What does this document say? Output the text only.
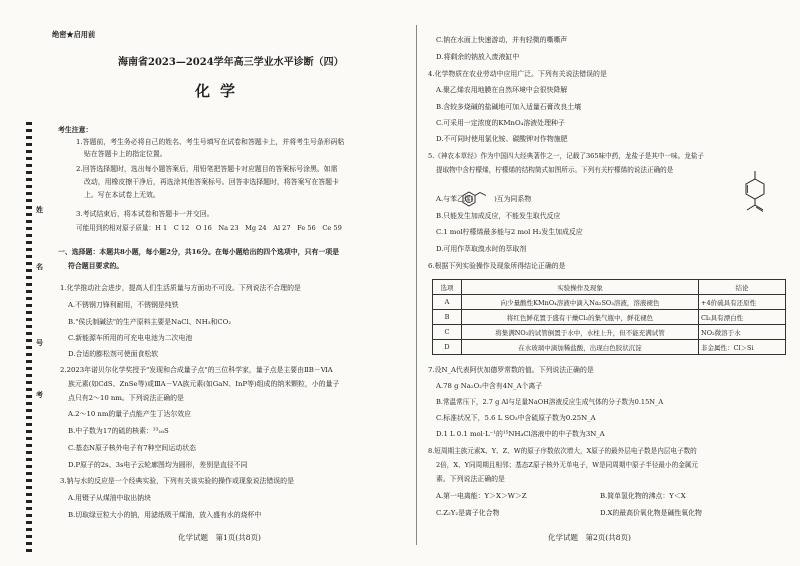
姓
名
号
考
绝密★启用前
海南省2023—2024学年高三学业水平诊断（四）
化学
考生注意：
1.答题前，考生务必将自己的姓名、考生号填写在试卷和答题卡上，并将考生号条形码粘
贴在答题卡上的指定位置。
2.回答选择题时，选出每小题答案后，用铅笔把答题卡对应题目的答案标号涂黑。如需
改动，用橡皮擦干净后，再选涂其他答案标号。回答非选择题时，将答案写在答题卡
上。写在本试卷上无效。
3.考试结束后，将本试卷和答题卡一并交回。
可能用到的相对原子质量：H 1　C 12　O 16　Na 23　Mg 24　Al 27　Fe 56　Ce 59
一、选择题：本题共8小题，每小题2分，共16分。在每小题给出的四个选项中，只有一项是
符合题目要求的。
1.化学推动社会进步，提高人们生活质量与方面功不可没。下列说法不合理的是
A.不锈钢刀锋利耐用，不锈钢是纯铁
B."侯氏制碱法"的生产原料主要是NaCl、NH₃和CO₂
C.新能源车所用的可充电电池为二次电池
D.合适的膨松剂可使面食松软
2.2023年诺贝尔化学奖授予"发现和合成量子点"的三位科学家，量子点是主要由ⅡB－ⅥA
族元素(如CdS、ZnSe等)或ⅢA－ⅤA族元素(如GaN、InP等)组成的纳米颗粒，小的量子
点只有2～10 nm。下列说法正确的是
A.2～10 nm的量子点能产生丁达尔效应
B.中子数为17的硫的核素：³³₁₆S
C.基态N原子核外电子有7种空间运动状态
D.P原子的2s、3s电子云轮廓图均为圆形，差别是直径不同
3.钠与水的反应是一个经典实验，下列有关该实验的操作或现象说法错误的是
A.用镊子从煤油中取出钠块
B.切取绿豆粒大小的钠，用滤纸吸干煤油，放入盛有水的烧杯中
化学试题　第1页(共8页)
C.钠在水面上快速游动，并有轻微的嘶嘶声
D.将剩余的钠放入废液缸中
4.化学物质在农业劳动中应用广泛。下列有关说法错误的是
A.聚乙烯农用地膜在自然环境中会很快降解
B.含较多烧碱的盐碱地可加入适量石膏改良土壤
C.可采用一定浓度的KMnO₄溶液处理种子
D.不可同时使用氯化铵、碳酸钾对作物施肥
5.《神农本草经》作为中国四大经典著作之一，记载了365味中药，龙盐子是其中一味。龙盐子
提取物中含柠檬烯，柠檬烯的结构简式如图所示。下列有关柠檬烯的说法正确的是
A.与苯乙烯(　　　)互为同系物
B.只能发生加成反应，不能发生取代反应
C.1 mol柠檬烯最多能与2 mol H₂发生加成反应
D.可用作萃取溴水时的萃取剂
6.根据下列实验操作及现象所得结论正确的是
选项	实验操作及现象	结论
A	向少量酸性KMnO₄溶液中滴入Na₂SO₃溶液，溶液褪色	+4价硫具有还原性
B	将红色鲜花置于盛有干燥Cl₂的集气瓶中，鲜花褪色	Cl₂具有漂白性
C	将集满NO₂的试管倒置于水中，水柱上升，但不能充满试管	NO₂微溶于水
D	在水玻璃中滴加稀盐酸，出现白色胶状沉淀	非金属性：Cl＞Si
7.设N_A代表阿伏加德罗常数的值。下列说法正确的是
A.78 g Na₂O₂中含有4N_A个离子
B.常温常压下，2.7 g Al与足量NaOH溶液反应生成气体的分子数为0.15N_A
C.标准状况下，5.6 L SO₃中含硫原子数为0.25N_A
D.1 L 0.1 mol·L⁻¹的¹⁵NH₄Cl溶液中的中子数为3N_A
8.短周期主族元素X、Y、Z、W的原子序数依次增大，X原子的最外层电子数是内层电子数的
2倍，X、Y同周期且相邻；基态Z原子核外无单电子，W是同周期中原子半径最小的金属元
素。下列说法正确的是
A.第一电离能：Y＞X＞W＞Z	B.简单氢化物的沸点：Y＜X
C.Z₂Y₂是离子化合物	D.X的最高价氧化物是碱性氧化物
化学试题　第2页(共8页)
